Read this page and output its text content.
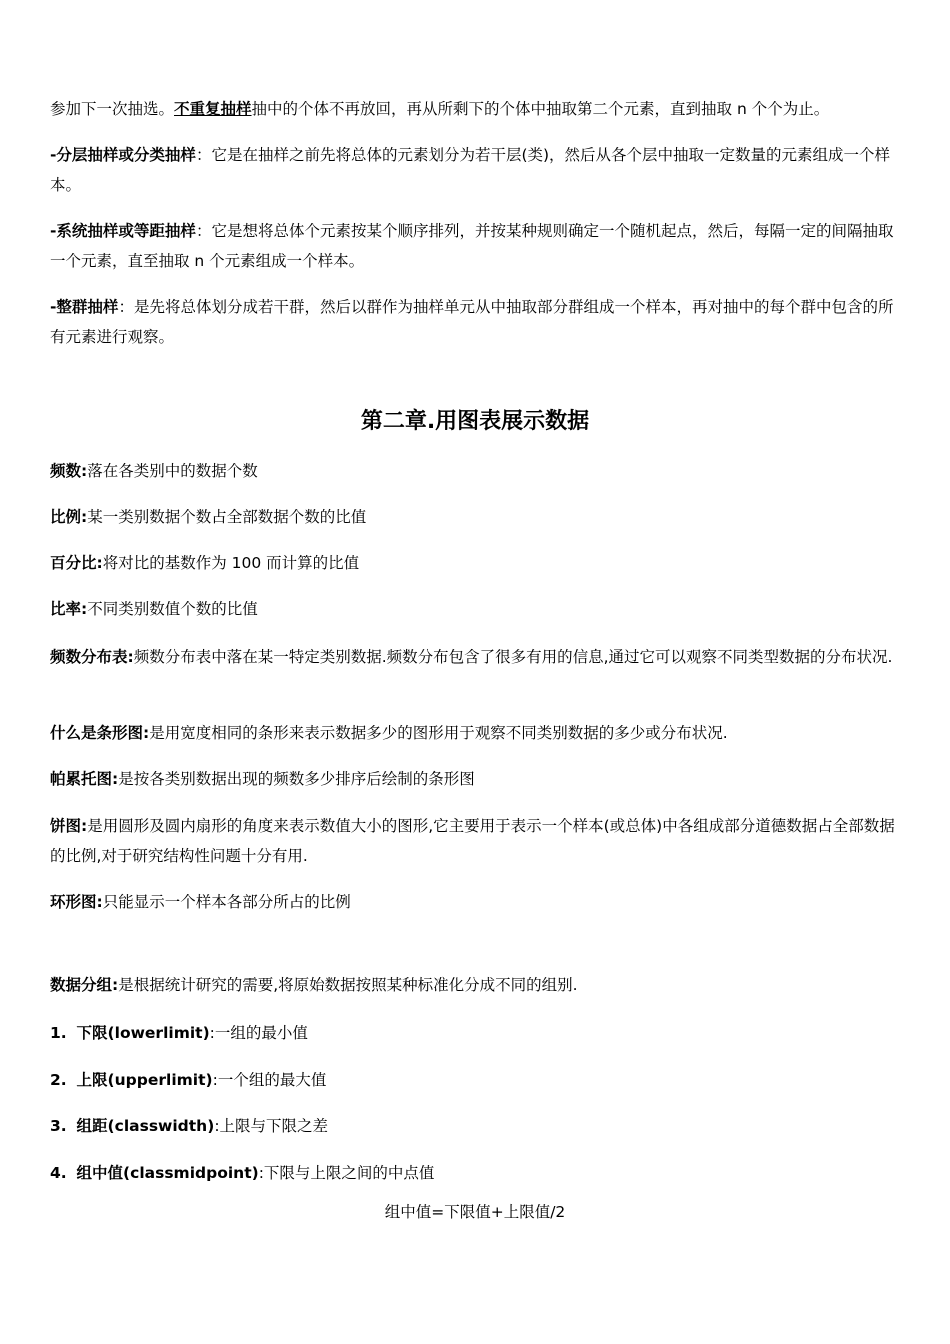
参加下一次抽选。不重复抽样抽中的个体不再放回，再从所剩下的个体中抽取第二个元素，直到抽取 n 个个为止。

-分层抽样或分类抽样：它是在抽样之前先将总体的元素划分为若干层(类)，然后从各个层中抽取一定数量的元素组成一个样本。

-系统抽样或等距抽样：它是想将总体个元素按某个顺序排列，并按某种规则确定一个随机起点，然后，每隔一定的间隔抽取一个元素，直至抽取 n 个元素组成一个样本。

-整群抽样：是先将总体划分成若干群，然后以群作为抽样单元从中抽取部分群组成一个样本，再对抽中的每个群中包含的所有元素进行观察。

第二章.用图表展示数据

频数:落在各类别中的数据个数

比例:某一类别数据个数占全部数据个数的比值

百分比:将对比的基数作为 100 而计算的比值

比率:不同类别数值个数的比值

频数分布表:频数分布表中落在某一特定类别数据.频数分布包含了很多有用的信息,通过它可以观察不同类型数据的分布状况.

什么是条形图:是用宽度相同的条形来表示数据多少的图形用于观察不同类别数据的多少或分布状况.

帕累托图:是按各类别数据出现的频数多少排序后绘制的条形图

饼图:是用圆形及圆内扇形的角度来表示数值大小的图形,它主要用于表示一个样本(或总体)中各组成部分道德数据占全部数据的比例,对于研究结构性问题十分有用.

环形图:只能显示一个样本各部分所占的比例

数据分组:是根据统计研究的需要,将原始数据按照某种标准化分成不同的组别.

1. 下限(lowerlimit):一组的最小值

2. 上限(upperlimit):一个组的最大值

3. 组距(classwidth):上限与下限之差

4. 组中值(classmidpoint):下限与上限之间的中点值

组中值=下限值+上限值/2
